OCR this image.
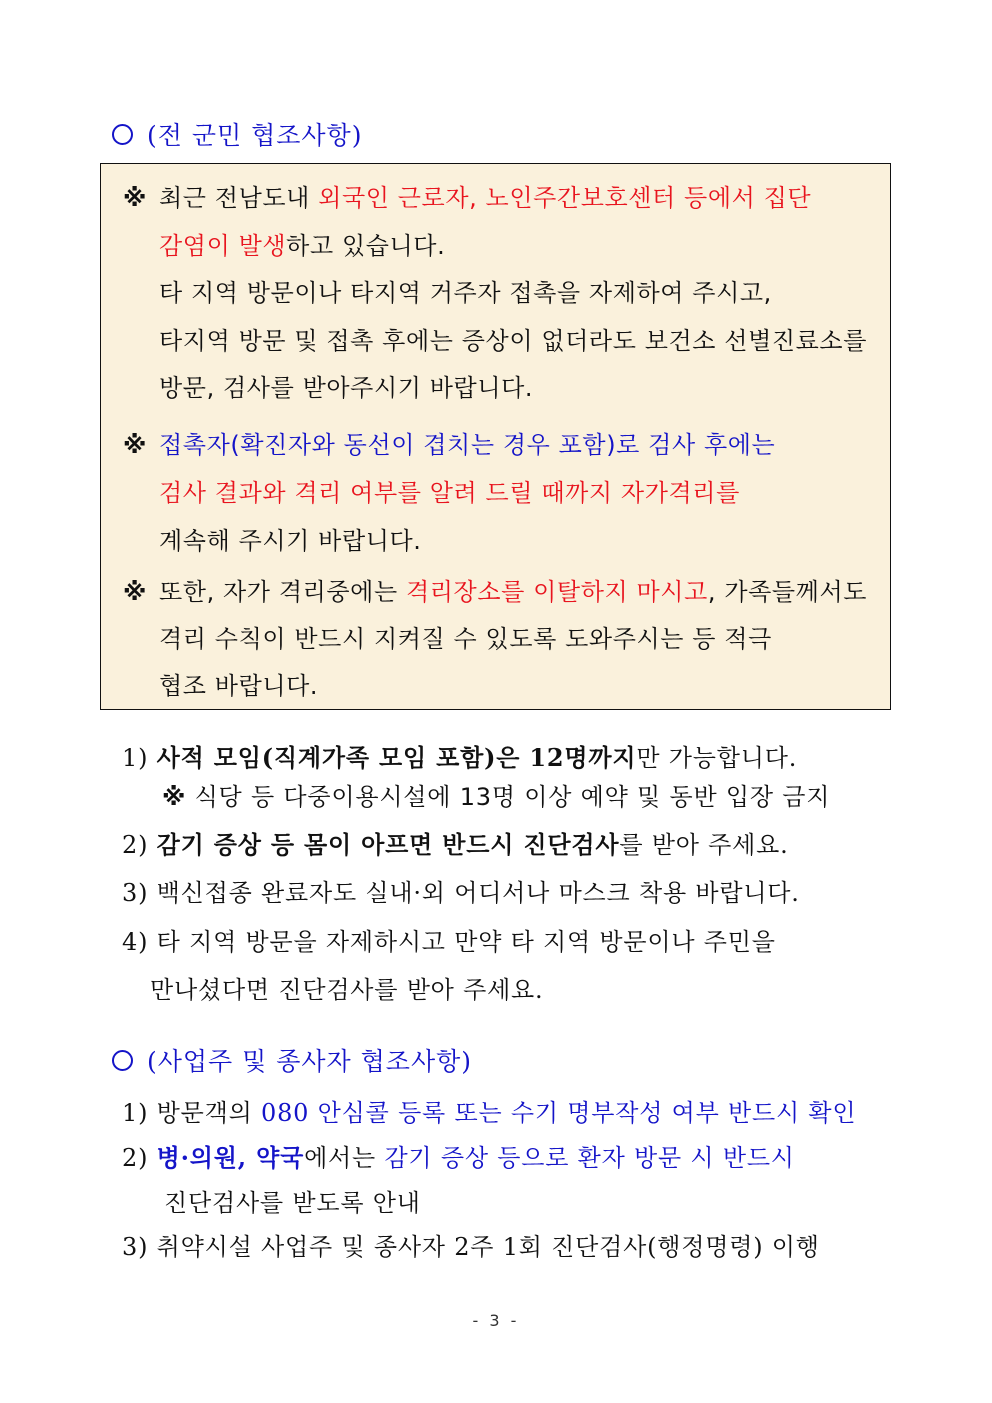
(전 군민 협조사항)
※ 최근 전남도내 외국인 근로자, 노인주간보호센터 등에서 집단
감염이 발생하고 있습니다.
타 지역 방문이나 타지역 거주자 접촉을 자제하여 주시고,
타지역 방문 및 접촉 후에는 증상이 없더라도 보건소 선별진료소를
방문, 검사를 받아주시기 바랍니다.
※ 접촉자(확진자와 동선이 겹치는 경우 포함)로 검사 후에는
검사 결과와 격리 여부를 알려 드릴 때까지 자가격리를
계속해 주시기 바랍니다.
※ 또한, 자가 격리중에는 격리장소를 이탈하지 마시고, 가족들께서도
격리 수칙이 반드시 지켜질 수 있도록 도와주시는 등 적극
협조 바랍니다.
1) 사적 모임(직계가족 모임 포함)은 12명까지만 가능합니다.
※ 식당 등 다중이용시설에 13명 이상 예약 및 동반 입장 금지
2) 감기 증상 등 몸이 아프면 반드시 진단검사를 받아 주세요.
3) 백신접종 완료자도 실내·외 어디서나 마스크 착용 바랍니다.
4) 타 지역 방문을 자제하시고 만약 타 지역 방문이나 주민을
만나셨다면 진단검사를 받아 주세요.
(사업주 및 종사자 협조사항)
1) 방문객의 080 안심콜 등록 또는 수기 명부작성 여부 반드시 확인
2) 병·의원, 약국에서는 감기 증상 등으로 환자 방문 시 반드시
진단검사를 받도록 안내
3) 취약시설 사업주 및 종사자 2주 1회 진단검사(행정명령) 이행
- 3 -
